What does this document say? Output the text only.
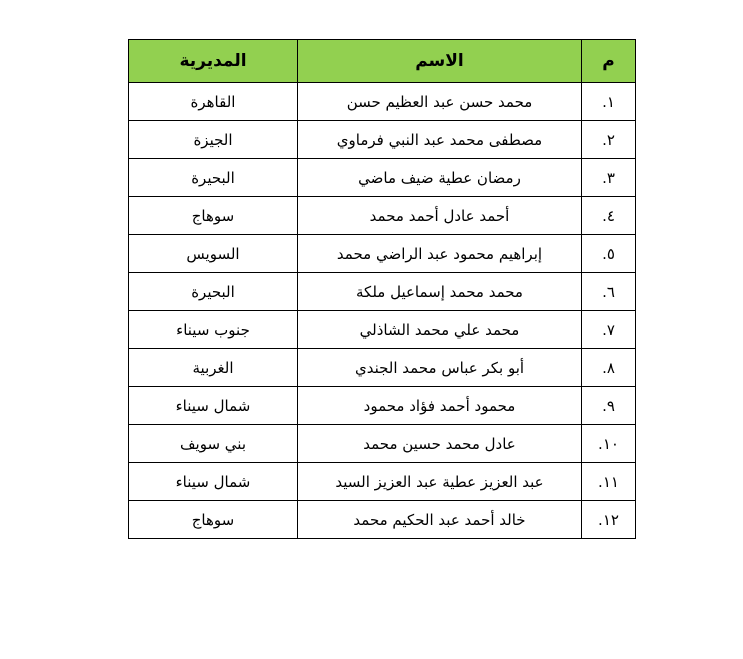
م	الاسم	المديرية
١.	محمد حسن عبد العظيم حسن	القاهرة
٢.	مصطفى محمد عبد النبي فرماوي	الجيزة
٣.	رمضان عطية ضيف ماضي	البحيرة
٤.	أحمد عادل أحمد محمد	سوهاج
٥.	إبراهيم محمود عبد الراضي محمد	السويس
٦.	محمد محمد إسماعيل ملكة	البحيرة
٧.	محمد علي محمد الشاذلي	جنوب سيناء
٨.	أبو بكر عباس محمد الجندي	الغربية
٩.	محمود أحمد فؤاد محمود	شمال سيناء
١٠.	عادل محمد حسين محمد	بني سويف
١١.	عبد العزيز عطية عبد العزيز السيد	شمال سيناء
١٢.	خالد أحمد عبد الحكيم محمد	سوهاج
